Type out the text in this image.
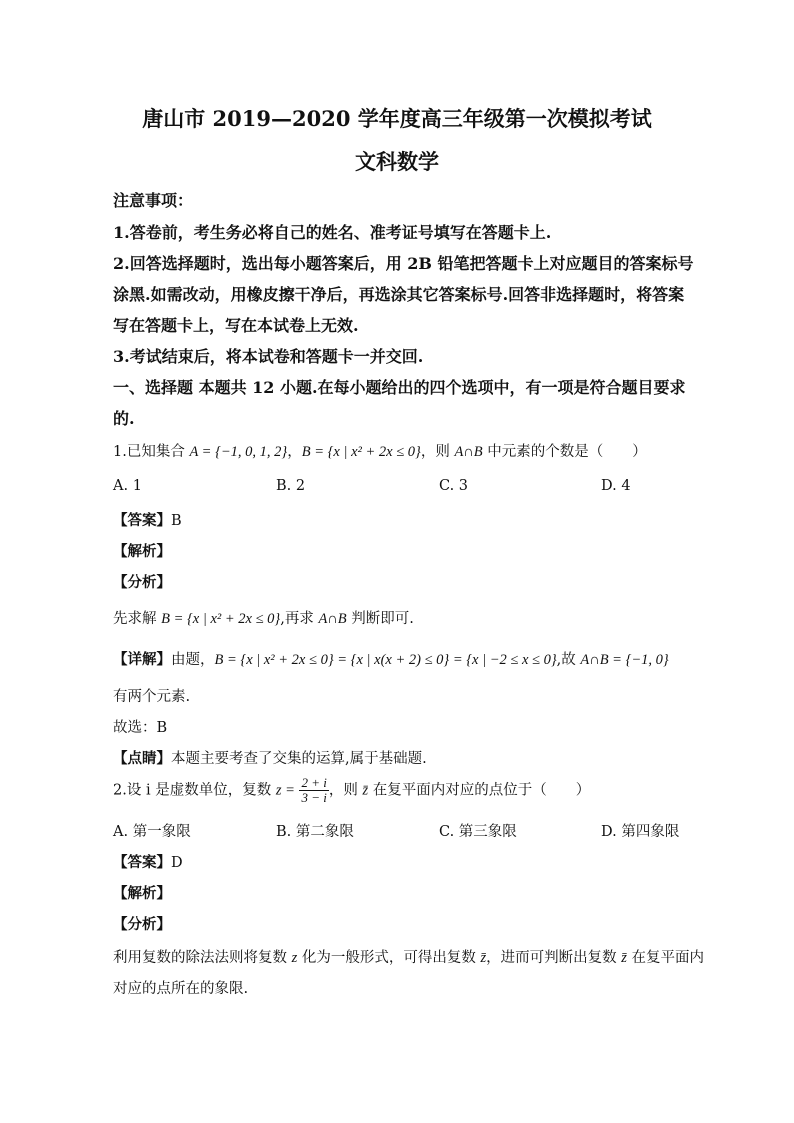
唐山市 2019—2020 学年度高三年级第一次模拟考试
文科数学
注意事项：
1.答卷前，考生务必将自己的姓名、准考证号填写在答题卡上.
2.回答选择题时，选出每小题答案后，用 2B 铅笔把答题卡上对应题目的答案标号
涂黑.如需改动，用橡皮擦干净后，再选涂其它答案标号.回答非选择题时，将答案
写在答题卡上，写在本试卷上无效.
3.考试结束后，将本试卷和答题卡一并交回.
一、选择题 本题共 12 小题.在每小题给出的四个选项中，有一项是符合题目要求
的.
1.已知集合 A = {−1, 0, 1, 2}，B = {x | x² + 2x ≤ 0}，则 A∩B 中元素的个数是（　　）
A. 1	B. 2	C. 3	D. 4
【答案】B
【解析】
【分析】
先求解 B = {x | x² + 2x ≤ 0},再求 A∩B 判断即可.
【详解】由题，B = {x | x² + 2x ≤ 0} = {x | x(x + 2) ≤ 0} = {x | −2 ≤ x ≤ 0},故 A∩B = {−1, 0}
有两个元素.
故选：B
【点睛】本题主要考查了交集的运算,属于基础题.
2.设 i 是虚数单位，复数 $z = \frac{2 + i}{3 - i}$ ，则 z̄ 在复平面内对应的点位于（　　）
A. 第一象限	B. 第二象限	C. 第三象限	D. 第四象限
【答案】D
【解析】
【分析】
利用复数的除法法则将复数 z 化为一般形式，可得出复数 z̄，进而可判断出复数 z̄ 在复平面内
对应的点所在的象限.
